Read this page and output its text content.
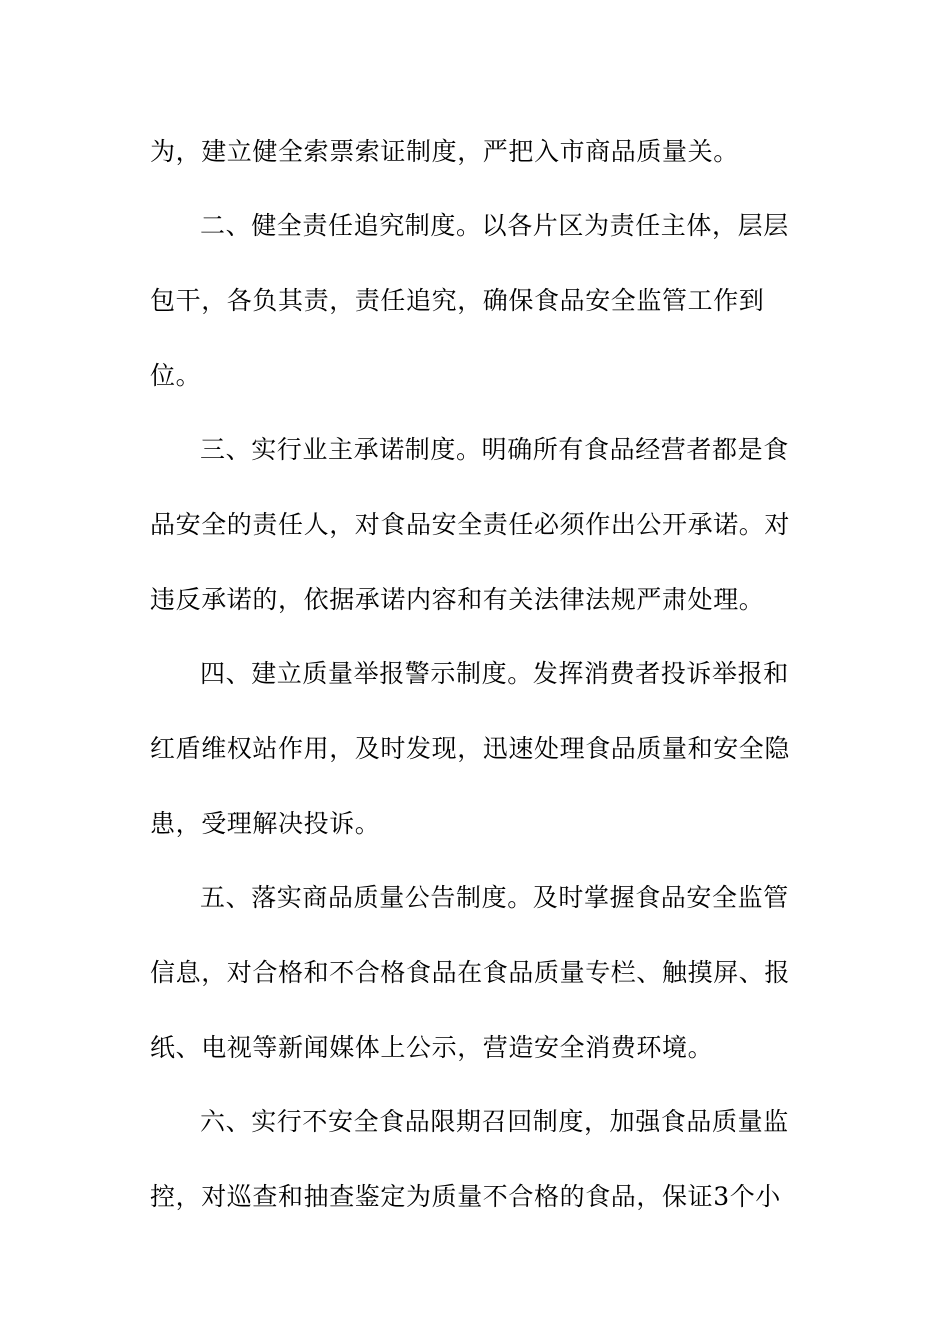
为，建立健全索票索证制度，严把入市商品质量关。
二、健全责任追究制度。以各片区为责任主体，层层
包干，各负其责，责任追究，确保食品安全监管工作到
位。
三、实行业主承诺制度。明确所有食品经营者都是食
品安全的责任人，对食品安全责任必须作出公开承诺。对
违反承诺的，依据承诺内容和有关法律法规严肃处理。
四、建立质量举报警示制度。发挥消费者投诉举报和
红盾维权站作用，及时发现，迅速处理食品质量和安全隐
患，受理解决投诉。
五、落实商品质量公告制度。及时掌握食品安全监管
信息，对合格和不合格食品在食品质量专栏、触摸屏、报
纸、电视等新闻媒体上公示，营造安全消费环境。
六、实行不安全食品限期召回制度，加强食品质量监
控，对巡查和抽查鉴定为质量不合格的食品，保证3个小
